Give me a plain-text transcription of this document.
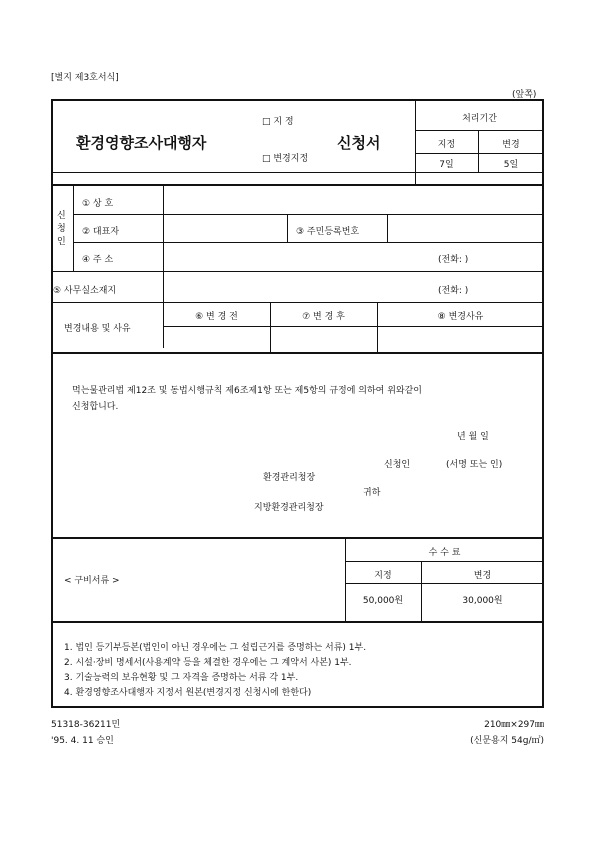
[별지 제3호서식]
(앞쪽)
환경영향조사대행자	신청서
□ 지 정
□ 변경지정
처리기간
지정	변경
7일	5일
신
청
인
① 상 호
② 대표자	③ 주민등록번호
④ 주 소	(전화: )
⑤ 사무실소재지	(전화: )
변경내용 및 사유
⑥ 변 경 전	⑦ 변 경 후	⑧ 변경사유
먹는물관리법 제12조 및 동법시행규칙 제6조제1항 또는 제5항의 규정에 의하여 위와같이
신청합니다.
년 월 일
신청인	(서명 또는 인)
환경관리청장
귀하
지방환경관리청장
< 구비서류 >
수 수 료
지정	변경
50,000원	30,000원
1. 법인 등기부등본(법인이 아닌 경우에는 그 설립근거를 증명하는 서류) 1부.
2. 시설·장비 명세서(사용계약 등을 체결한 경우에는 그 계약서 사본) 1부.
3. 기술능력의 보유현황 및 그 자격을 증명하는 서류 각 1부.
4. 환경영향조사대행자 지정서 원본(변경지정 신청시에 한한다)
51318-36211민	210㎜×297㎜
'95. 4. 11 승인	(신문용지 54g/㎡)
